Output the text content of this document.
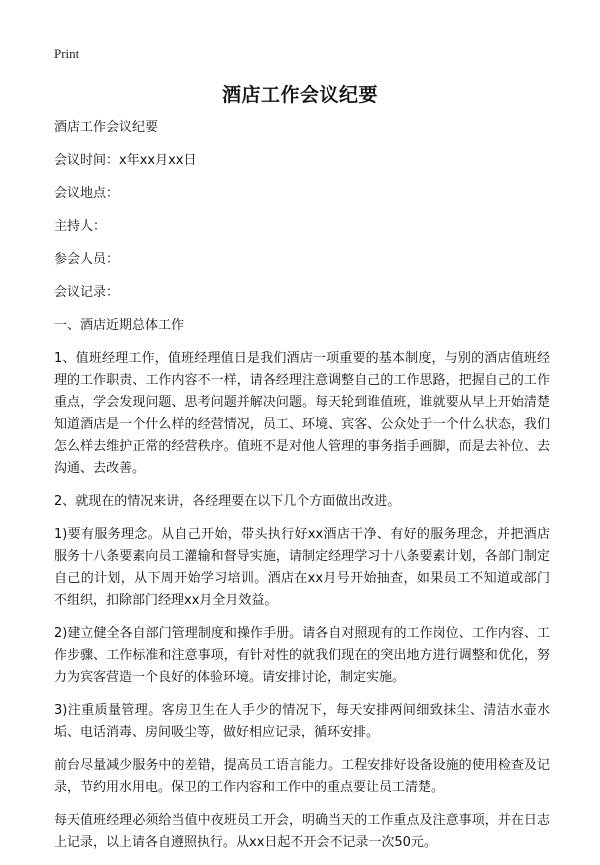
Print
酒店工作会议纪要

酒店工作会议纪要

会议时间：x年xx月xx日

会议地点：

主持人：

参会人员：

会议记录：

一、酒店近期总体工作

1、值班经理工作，值班经理值日是我们酒店一项重要的基本制度，与别的酒店值班经理的工作职责、工作内容不一样，请各经理注意调整自己的工作思路，把握自己的工作重点，学会发现问题、思考问题并解决问题。每天轮到谁值班，谁就要从早上开始清楚知道酒店是一个什么样的经营情况，员工、环境、宾客、公众处于一个什么状态，我们怎么样去维护正常的经营秩序。值班不是对他人管理的事务指手画脚，而是去补位、去沟通、去改善。

2、就现在的情况来讲，各经理要在以下几个方面做出改进。

1)要有服务理念。从自己开始，带头执行好xx酒店干净、有好的服务理念，并把酒店服务十八条要素向员工灌输和督导实施，请制定经理学习十八条要素计划，各部门制定自己的计划，从下周开始学习培训。酒店在xx月号开始抽查，如果员工不知道或部门不组织，扣除部门经理xx月全月效益。

2)建立健全各自部门管理制度和操作手册。请各自对照现有的工作岗位、工作内容、工作步骤、工作标准和注意事项，有针对性的就我们现在的突出地方进行调整和优化，努力为宾客营造一个良好的体验环境。请安排讨论，制定实施。

3)注重质量管理。客房卫生在人手少的情况下，每天安排两间细致抹尘、清洁水壶水垢、电话消毒、房间吸尘等，做好相应记录，循环安排。

前台尽量减少服务中的差错，提高员工语言能力。工程安排好设备设施的使用检查及记录，节约用水用电。保卫的工作内容和工作中的重点要让员工清楚。

每天值班经理必须给当值中夜班员工开会，明确当天的工作重点及注意事项，并在日志上记录，以上请各自遵照执行。从xx日起不开会不记录一次50元。
